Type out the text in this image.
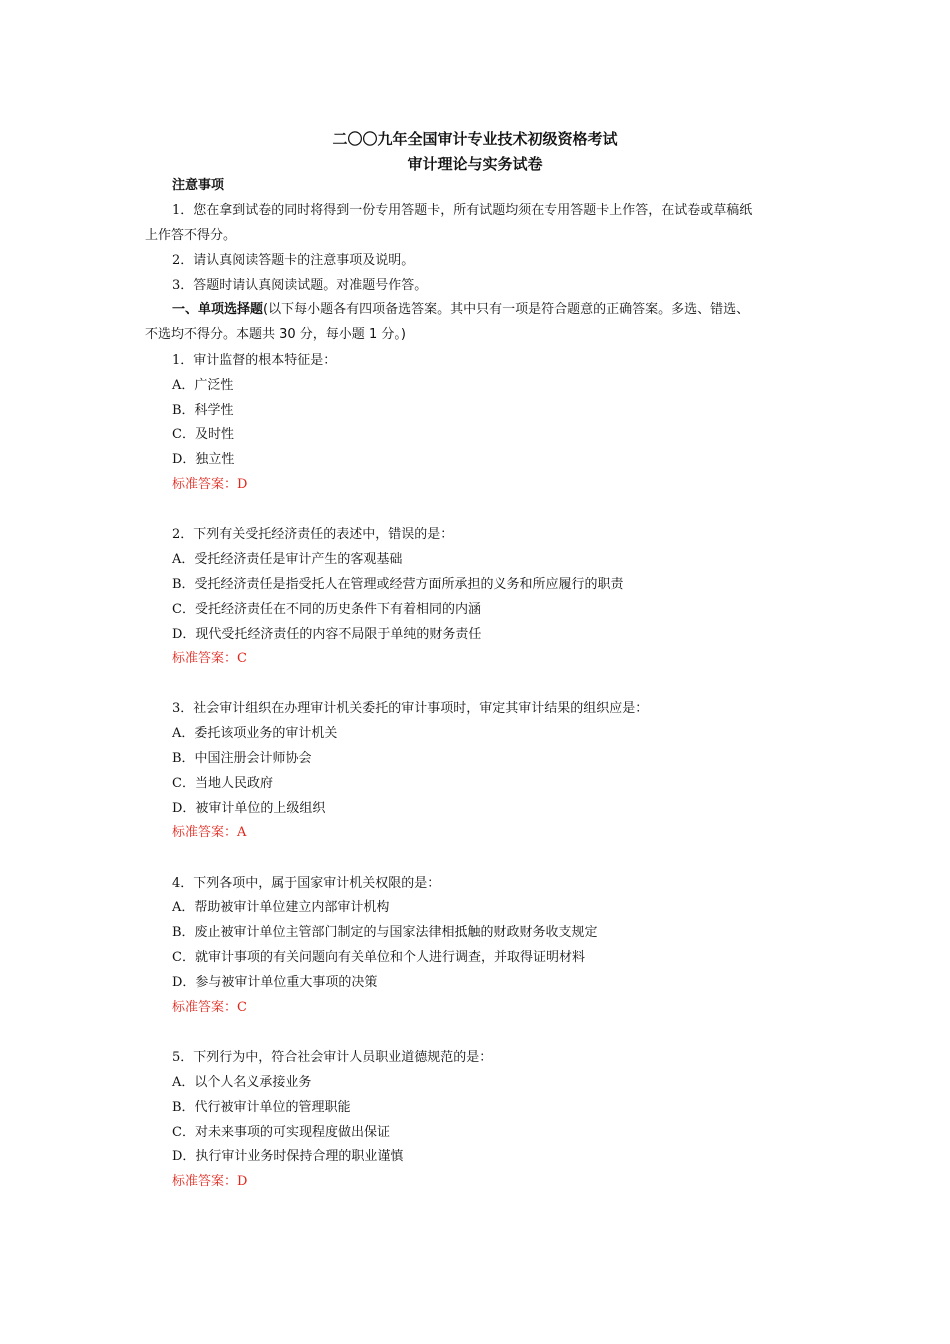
二〇〇九年全国审计专业技术初级资格考试
审计理论与实务试卷
注意事项
1．您在拿到试卷的同时将得到一份专用答题卡，所有试题均须在专用答题卡上作答，在试卷或草稿纸
上作答不得分。
2．请认真阅读答题卡的注意事项及说明。
3．答题时请认真阅读试题。对准题号作答。
一、单项选择题(以下每小题各有四项备选答案。其中只有一项是符合题意的正确答案。多选、错选、
不选均不得分。本题共 30 分，每小题 1 分。)
1．审计监督的根本特征是：
A．广泛性
B．科学性
C．及时性
D．独立性
标准答案：D
2．下列有关受托经济责任的表述中，错误的是：
A．受托经济责任是审计产生的客观基础
B．受托经济责任是指受托人在管理或经营方面所承担的义务和所应履行的职责
C．受托经济责任在不同的历史条件下有着相同的内涵
D．现代受托经济责任的内容不局限于单纯的财务责任
标准答案：C
3．社会审计组织在办理审计机关委托的审计事项时，审定其审计结果的组织应是：
A．委托该项业务的审计机关
B．中国注册会计师协会
C．当地人民政府
D．被审计单位的上级组织
标准答案：A
4．下列各项中，属于国家审计机关权限的是：
A．帮助被审计单位建立内部审计机构
B．废止被审计单位主管部门制定的与国家法律相抵触的财政财务收支规定
C．就审计事项的有关问题向有关单位和个人进行调查，并取得证明材料
D．参与被审计单位重大事项的决策
标准答案：C
5．下列行为中，符合社会审计人员职业道德规范的是：
A．以个人名义承接业务
B．代行被审计单位的管理职能
C．对未来事项的可实现程度做出保证
D．执行审计业务时保持合理的职业谨慎
标准答案：D
